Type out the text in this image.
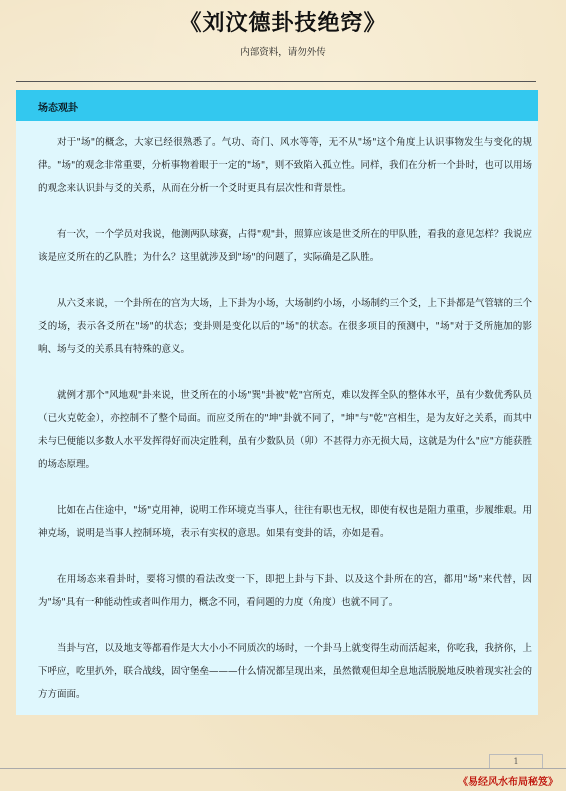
《刘汶德卦技绝窍》
内部资料，请勿外传
场态观卦

对于"场"的概念，大家已经很熟悉了。气功、奇门、风水等等，无不从"场"这个角度上认识事物发生与变化的规律。"场"的观念非常重要，分析事物着眼于一定的"场"，则不致陷入孤立性。同样，我们在分析一个卦时，也可以用场的观念来认识卦与爻的关系，从而在分析一个爻时更具有层次性和背景性。

有一次，一个学员对我说，他测两队球赛，占得"观"卦，照算应该是世爻所在的甲队胜，看我的意见怎样？我说应该是应爻所在的乙队胜；为什么？这里就涉及到"场"的问题了，实际确是乙队胜。

从六爻来说，一个卦所在的宫为大场，上下卦为小场，大场制约小场，小场制约三个爻，上下卦都是气管辖的三个爻的场，表示各爻所在"场"的状态；变卦则是变化以后的"场"的状态。在很多项目的预测中，"场"对于爻所施加的影响、场与爻的关系具有特殊的意义。

就例才那个"风地观"卦来说，世爻所在的小场"巽"卦被"乾"宫所克，难以发挥全队的整体水平，虽有少数优秀队员（已火克乾金），亦控制不了整个局面。而应爻所在的"坤"卦就不同了，"坤"与"乾"宫相生，是为友好之关系，而其中未与巳便能以多数人水平发挥得好而决定胜利，虽有少数队员（卯）不甚得力亦无损大局，这就是为什么"应"方能获胜的场态原理。

比如在占住途中，"场"克用神，说明工作环境克当事人，往往有职也无权，即使有权也是阻力重重，步履维艰。用神克场，说明是当事人控制环境，表示有实权的意思。如果有变卦的话，亦如是看。

在用场态来看卦时，要将习惯的看法改变一下，即把上卦与下卦、以及这个卦所在的宫，都用"场"来代替，因为"场"具有一种能动性或者叫作用力，概念不同，看问题的力度（角度）也就不同了。

当卦与宫，以及地支等都看作是大大小小不同质次的场时，一个卦马上就变得生动而活起来，你吃我，我挤你，上下呼应，吃里扒外，联合战线，固守堡垒———什么情况都呈现出来，虽然微观但却全息地活脱脱地反映着现实社会的方方面面。

1
《易经风水布局秘笈》
